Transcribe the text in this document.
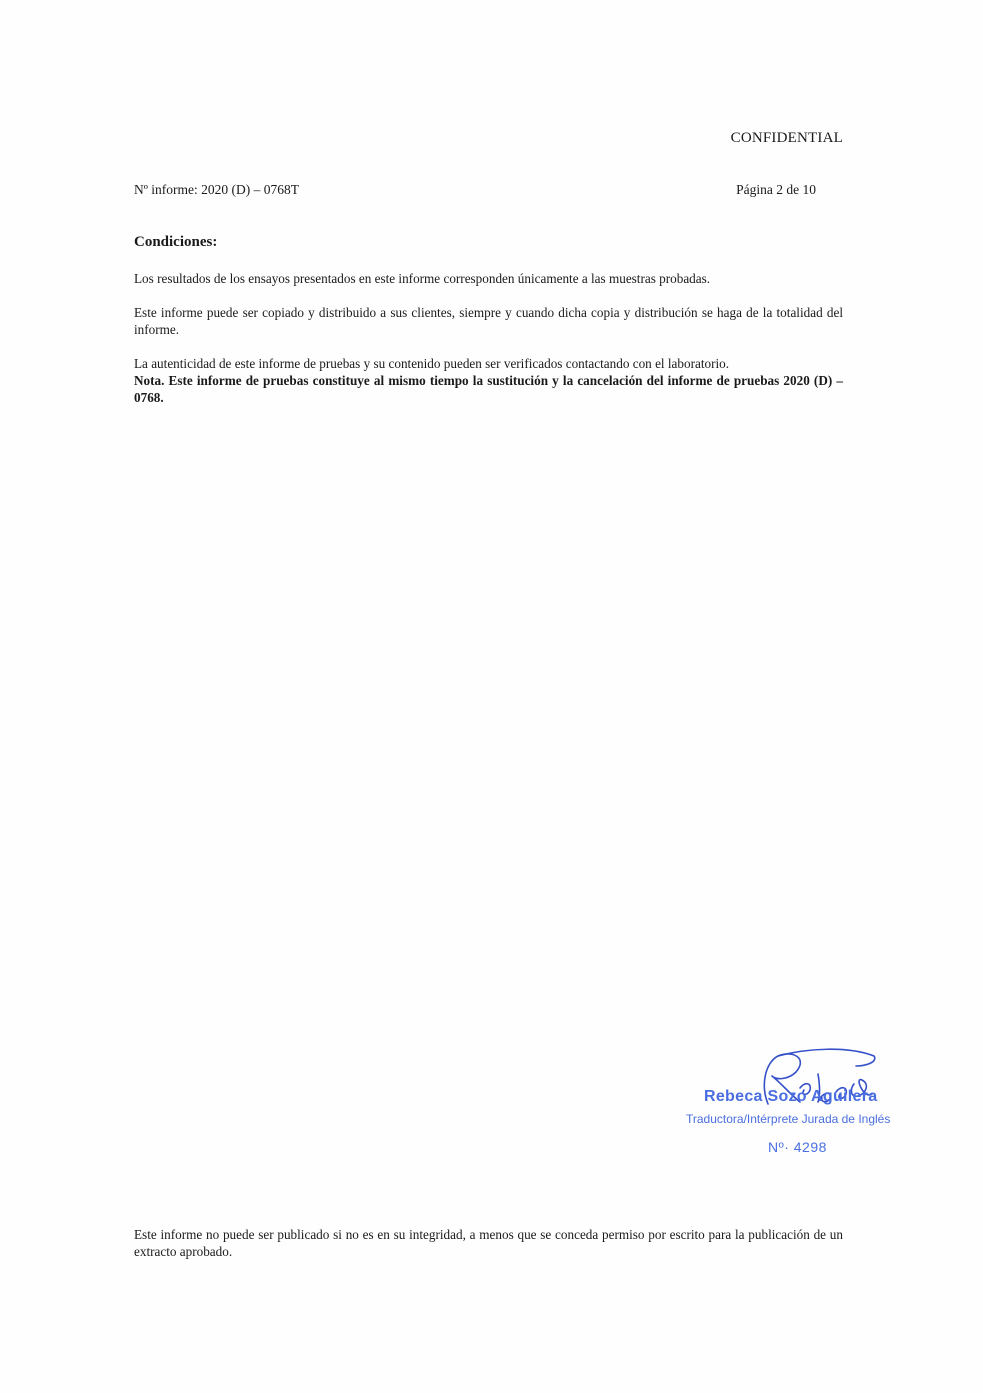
CONFIDENTIAL
Nº informe: 2020 (D) – 0768T	Página 2 de 10
Condiciones:

Los resultados de los ensayos presentados en este informe corresponden únicamente a las muestras probadas.

Este informe puede ser copiado y distribuido a sus clientes, siempre y cuando dicha copia y distribución se haga de la totalidad del informe.

La autenticidad de este informe de pruebas y su contenido pueden ser verificados contactando con el laboratorio.

Nota. Este informe de pruebas constituye al mismo tiempo la sustitución y la cancelación del informe de pruebas 2020 (D) – 0768.

Rebeca Sozo Aguilera
Traductora/Intérprete Jurada de Inglés
Nº· 4298

Este informe no puede ser publicado si no es en su integridad, a menos que se conceda permiso por escrito para la publicación de un extracto aprobado.
